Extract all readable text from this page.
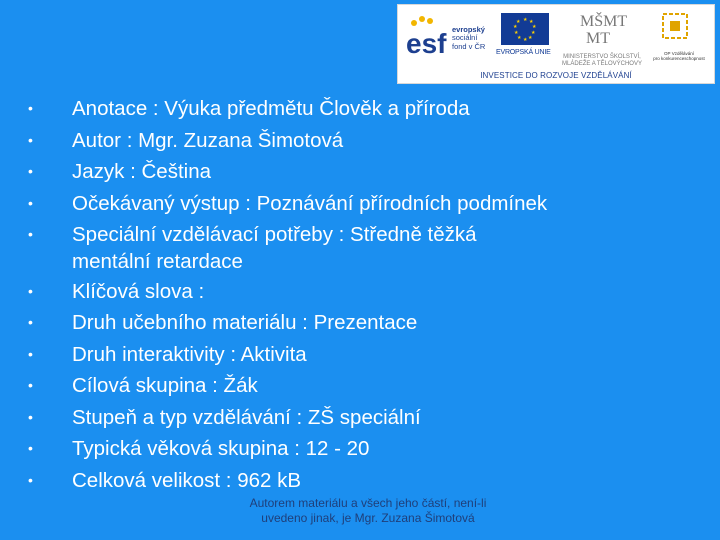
esf evropský
sociální
fond v ČR

★ ★
★
★
★
★
★
★
★
★
EVROPSKÁ UNIE
MŠMT
MT

MINISTERSTVO ŠKOLSTVÍ,
MLÁDEŽE A TĚLOVÝCHOVY

OP Vzdělávání
pro konkurenceschopnost

INVESTICE DO ROZVOJE VZDĚLÁVÁNÍ
• Anotace : Výuka předmětu Člověk a příroda
• Autor : Mgr. Zuzana Šimotová
• Jazyk : Čeština
• Očekávaný výstup : Poznávání přírodních podmínek
• Speciální vzdělávací potřeby : Středně těžká
mentální retardace
• Klíčová slova :
• Druh učebního materiálu : Prezentace
• Druh interaktivity : Aktivita
• Cílová skupina : Žák
• Stupeň a typ vzdělávání : ZŠ speciální
• Typická věková skupina : 12 - 20
• Celková velikost : 962 kB
Autorem materiálu a všech jeho částí, není-li uvedeno jinak, je Mgr. Zuzana Šimotová
